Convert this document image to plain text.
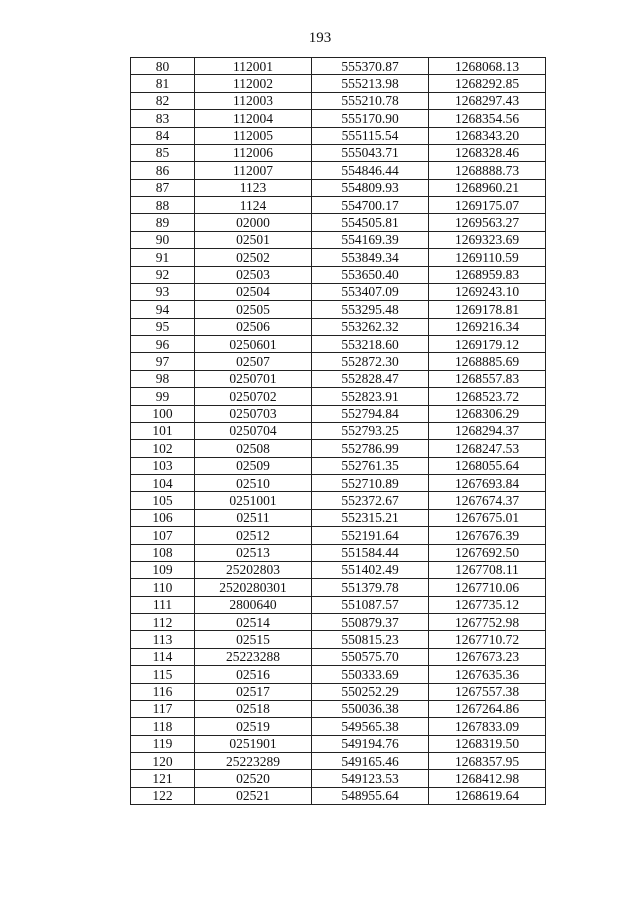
193
80	112001	555370.87	1268068.13
81	112002	555213.98	1268292.85
82	112003	555210.78	1268297.43
83	112004	555170.90	1268354.56
84	112005	555115.54	1268343.20
85	112006	555043.71	1268328.46
86	112007	554846.44	1268888.73
87	1123	554809.93	1268960.21
88	1124	554700.17	1269175.07
89	02000	554505.81	1269563.27
90	02501	554169.39	1269323.69
91	02502	553849.34	1269110.59
92	02503	553650.40	1268959.83
93	02504	553407.09	1269243.10
94	02505	553295.48	1269178.81
95	02506	553262.32	1269216.34
96	0250601	553218.60	1269179.12
97	02507	552872.30	1268885.69
98	0250701	552828.47	1268557.83
99	0250702	552823.91	1268523.72
100	0250703	552794.84	1268306.29
101	0250704	552793.25	1268294.37
102	02508	552786.99	1268247.53
103	02509	552761.35	1268055.64
104	02510	552710.89	1267693.84
105	0251001	552372.67	1267674.37
106	02511	552315.21	1267675.01
107	02512	552191.64	1267676.39
108	02513	551584.44	1267692.50
109	25202803	551402.49	1267708.11
110	2520280301	551379.78	1267710.06
111	2800640	551087.57	1267735.12
112	02514	550879.37	1267752.98
113	02515	550815.23	1267710.72
114	25223288	550575.70	1267673.23
115	02516	550333.69	1267635.36
116	02517	550252.29	1267557.38
117	02518	550036.38	1267264.86
118	02519	549565.38	1267833.09
119	0251901	549194.76	1268319.50
120	25223289	549165.46	1268357.95
121	02520	549123.53	1268412.98
122	02521	548955.64	1268619.64
